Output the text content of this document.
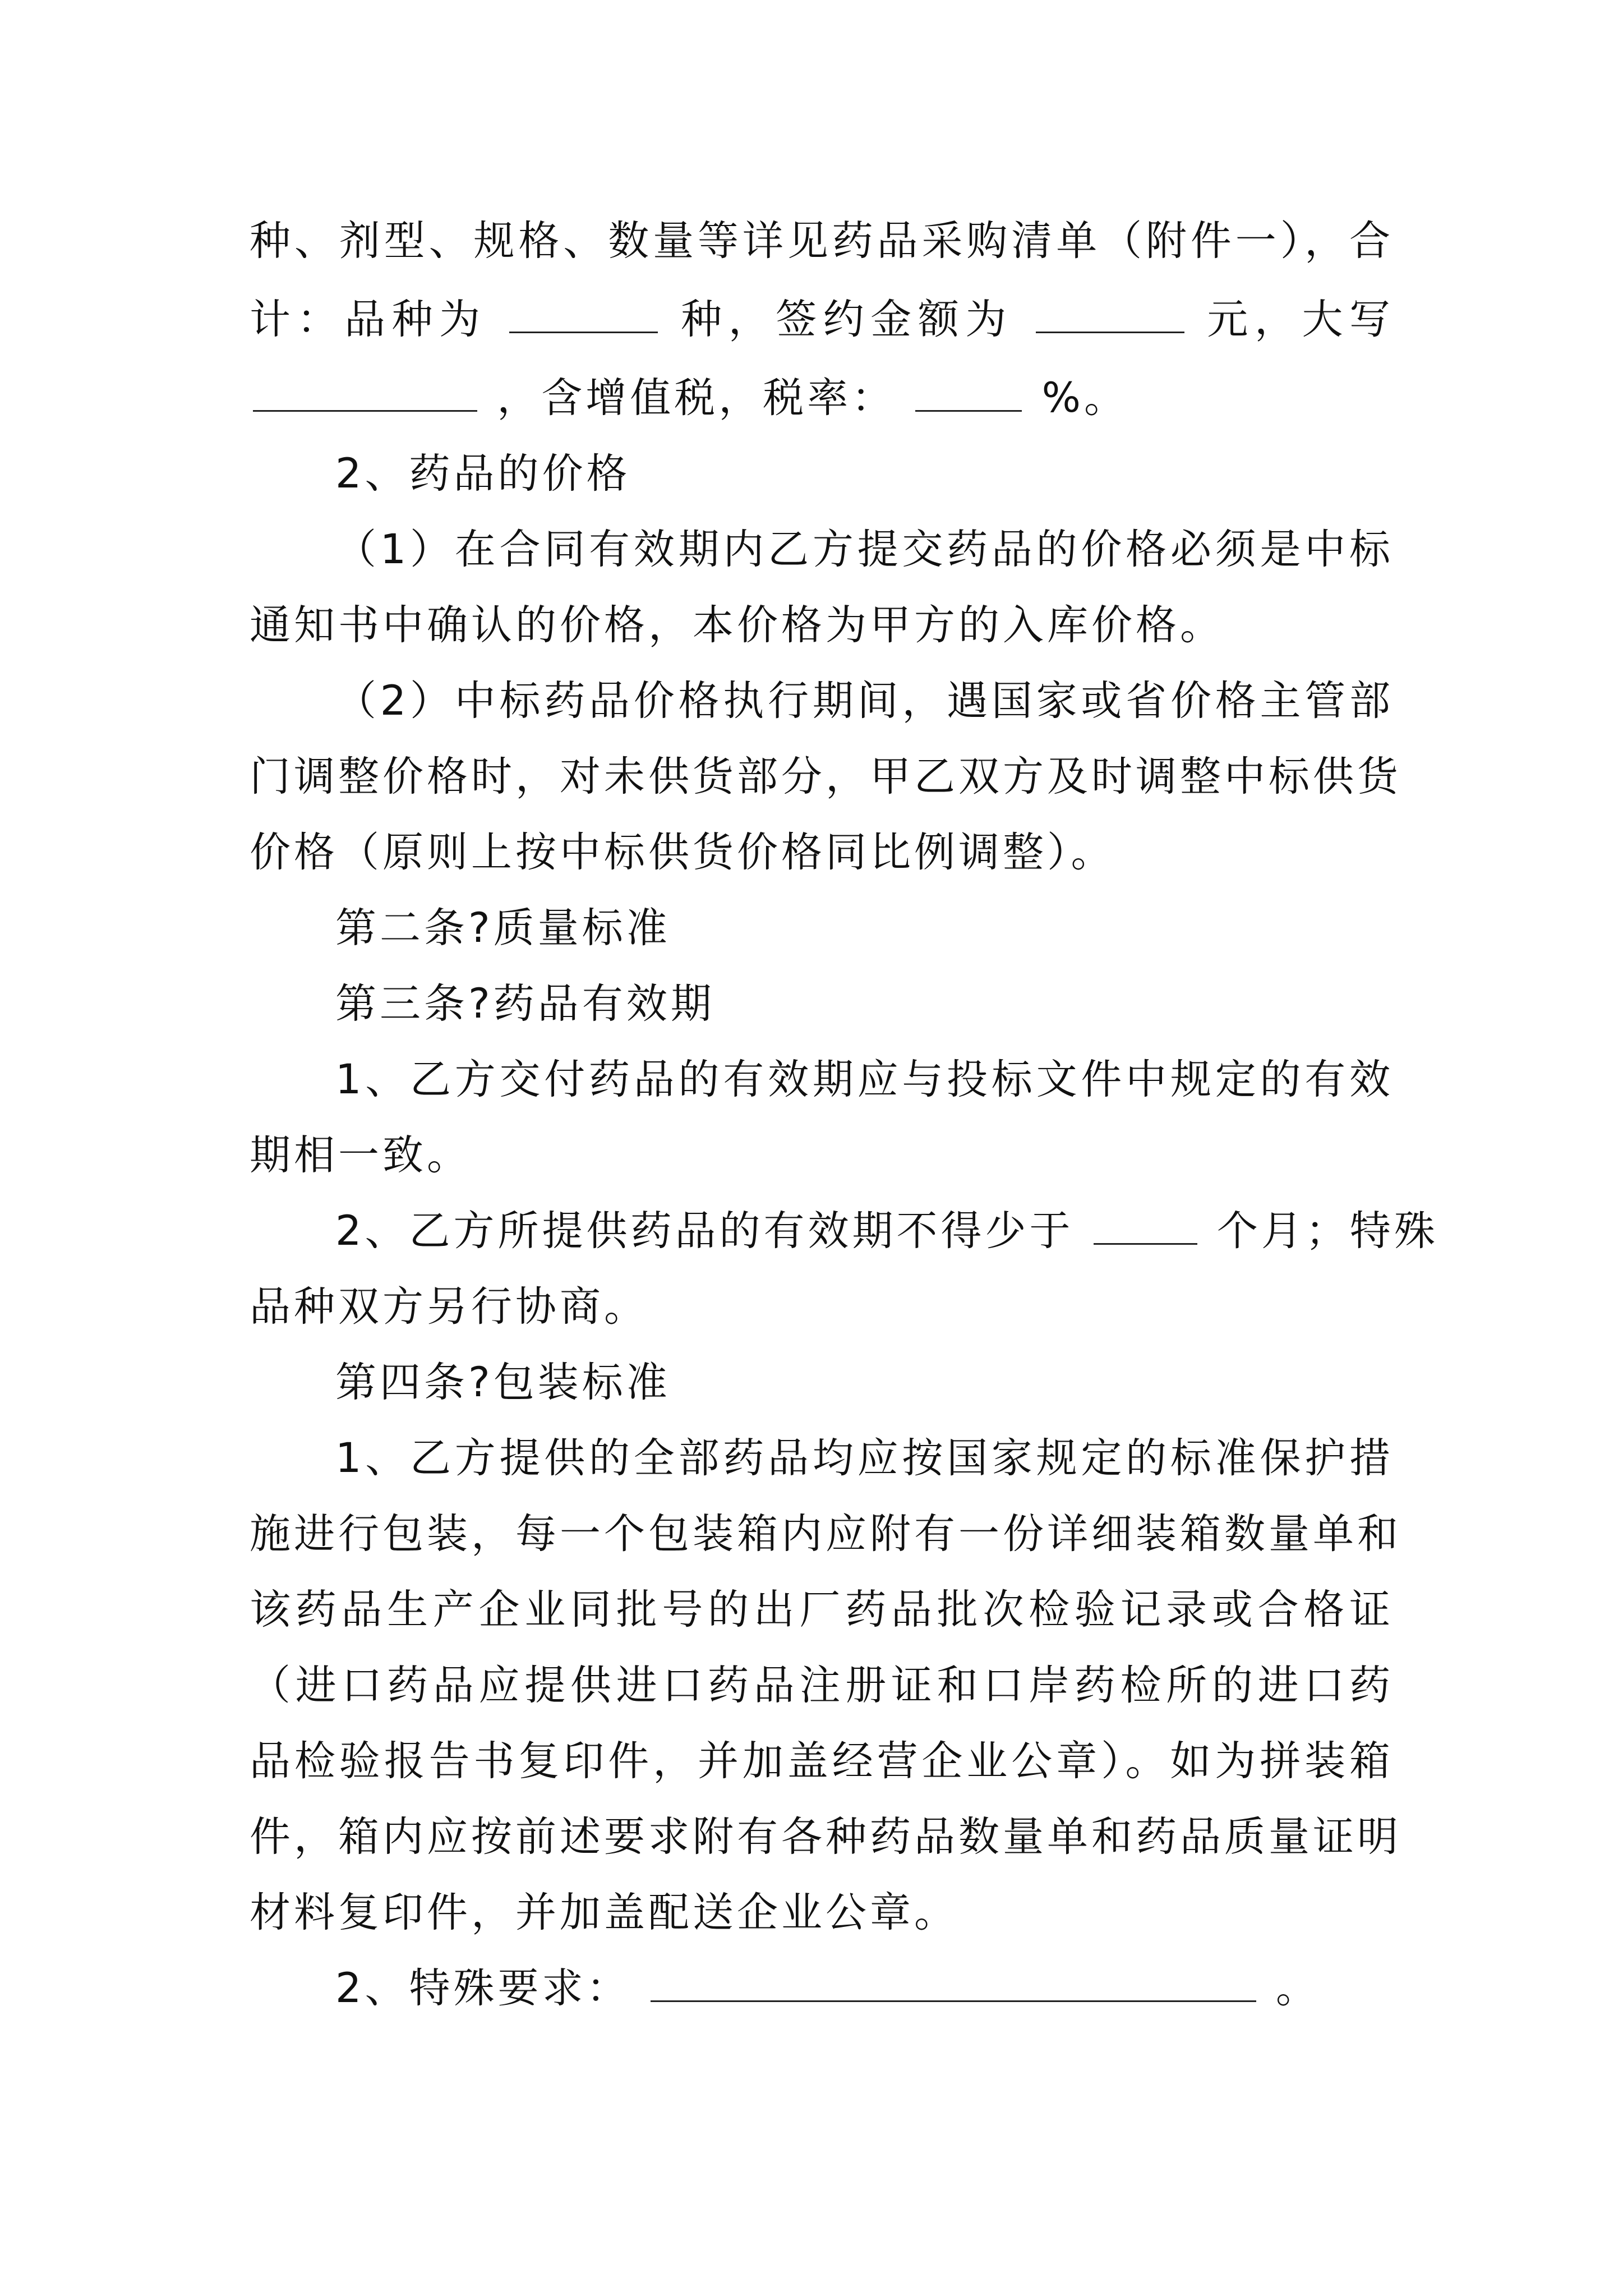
种、剂型、规格、数量等详见药品采购清单（附件一），合
计：品种为	种，签约金额为	元，大写
，含增值税，税率：	%。
2、药品的价格
（1）在合同有效期内乙方提交药品的价格必须是中标
通知书中确认的价格，本价格为甲方的入库价格。
（2）中标药品价格执行期间，遇国家或省价格主管部
门调整价格时，对未供货部分，甲乙双方及时调整中标供货
价格（原则上按中标供货价格同比例调整）。
第二条?质量标准
第三条?药品有效期
1、乙方交付药品的有效期应与投标文件中规定的有效
期相一致。
2、乙方所提供药品的有效期不得少于	个月；特殊
品种双方另行协商。
第四条?包装标准
1、乙方提供的全部药品均应按国家规定的标准保护措
施进行包装，每一个包装箱内应附有一份详细装箱数量单和
该药品生产企业同批号的出厂药品批次检验记录或合格证
（进口药品应提供进口药品注册证和口岸药检所的进口药
品检验报告书复印件，并加盖经营企业公章）。如为拼装箱
件，箱内应按前述要求附有各种药品数量单和药品质量证明
材料复印件，并加盖配送企业公章。
2、特殊要求：	。
